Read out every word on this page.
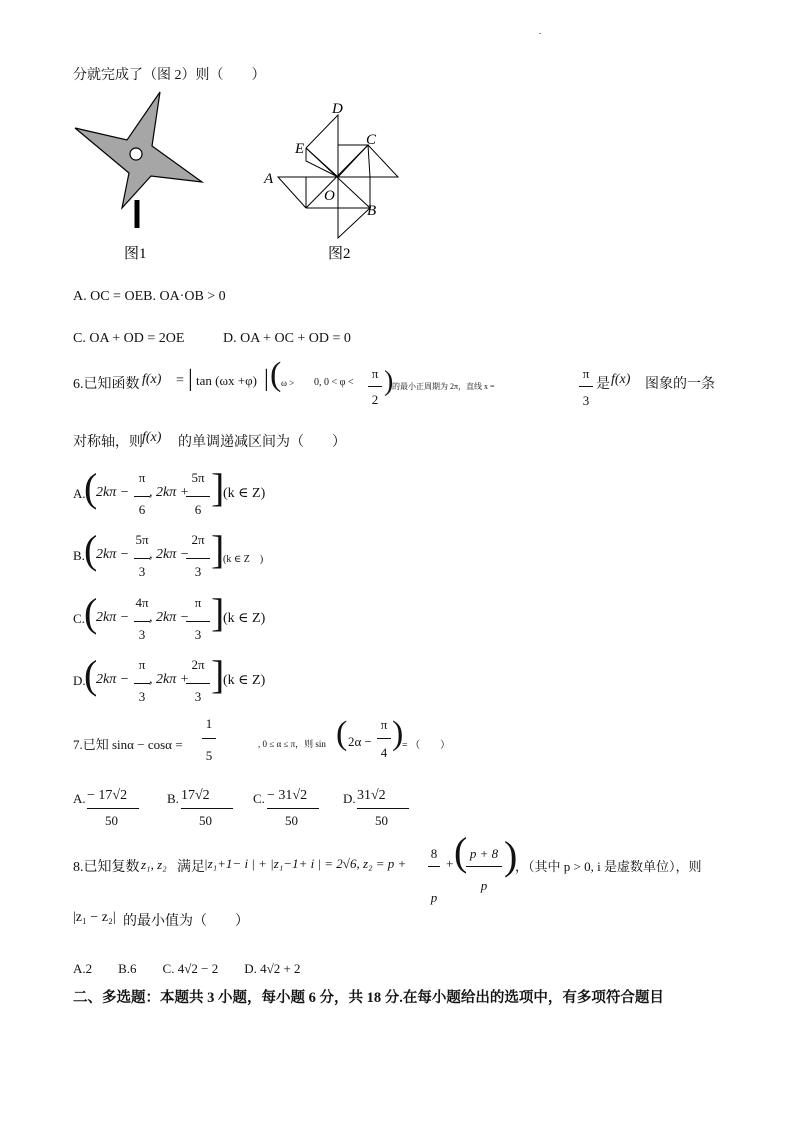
.
分就完成了（图 2）则（　　）
图1
D
C
E
A
O
B
图2
A. OC = OEB. OA·OB > 0
C. OA + OD = 2OE	D. OA + OC + OD = 0
6.已知函数 f(x) = | tan (ωx +φ) | ( ω > 0, 0 < φ <
π
2
)
的最小正周期为 2π，直线 x =
π
3
是 f(x) 图象的一条
对称轴，则 f(x) 的单调递减区间为（　　）
A.
(
2kπ −
π
6
, 2kπ +
5π
6 ]
(k ∈ Z)
B. (
2kπ −
5π
3
, 2kπ −
2π
3 ]
(k ∈ Z　)
C. (
2kπ −
4π
3
, 2kπ −
π
3 ]
(k ∈ Z)
D.
(
2kπ −
π
3
, 2kπ +
2π
3 ]
(k ∈ Z)
7.已知 sinα − cosα =
1
5
, 0 ≤ α ≤ π，则 sin ( 2α −
π
4
)
= （　　）
A. − 17√2
50
B. 17√2
50
C. − 31√2
50
D. 31√2
50
8.已知复数 z₁, z₂ 满足 |z₁+1− i | + |z₁−1+ i | = 2√6, z₂ = p +
8
p
+ ( p + 8
p
)
，（其中 p > 0, i 是虚数单位），则
|z₁ − z₂| 的最小值为（　　）
A.2　　B.6　　C. 4√2 − 2　　D. 4√2 + 2
二、多选题：本题共 3 小题，每小题 6 分，共 18 分.在每小题给出的选项中，有多项符合题目
